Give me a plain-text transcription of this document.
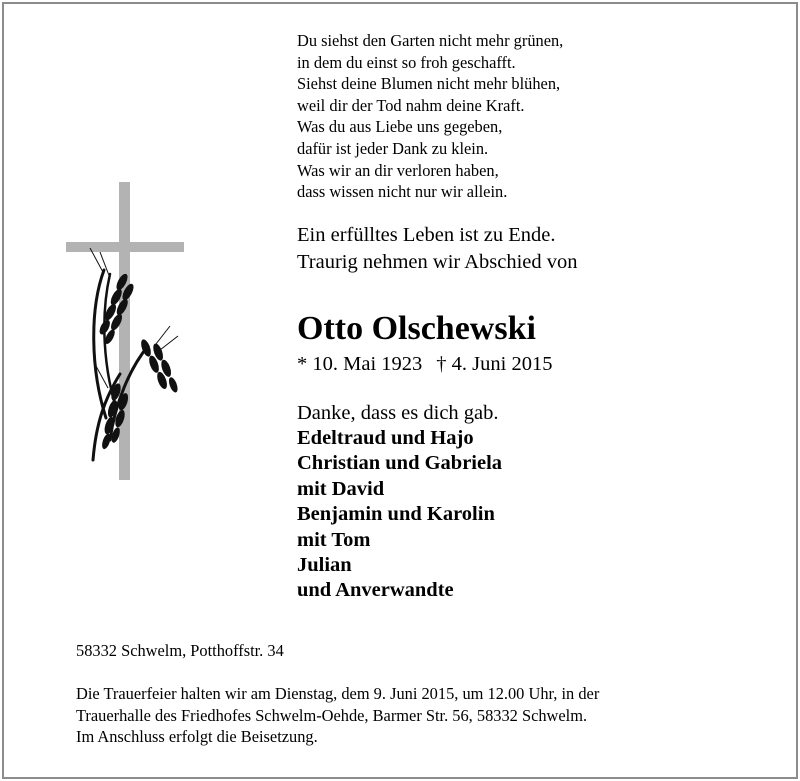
Du siehst den Garten nicht mehr grünen,
in dem du einst so froh geschafft.
Siehst deine Blumen nicht mehr blühen,
weil dir der Tod nahm deine Kraft.
Was du aus Liebe uns gegeben,
dafür ist jeder Dank zu klein.
Was wir an dir verloren haben,
dass wissen nicht nur wir allein.
Ein erfülltes Leben ist zu Ende.
Traurig nehmen wir Abschied von
Otto Olschewski
* 10. Mai 1923 † 4. Juni 2015
Danke, dass es dich gab.
Edeltraud und Hajo
Christian und Gabriela
mit David
Benjamin und Karolin
mit Tom
Julian
und Anverwandte
58332 Schwelm, Potthoffstr. 34
Die Trauerfeier halten wir am Dienstag, dem 9. Juni 2015, um 12.00 Uhr, in der
Trauerhalle des Friedhofes Schwelm-Oehde, Barmer Str. 56, 58332 Schwelm.
Im Anschluss erfolgt die Beisetzung.
